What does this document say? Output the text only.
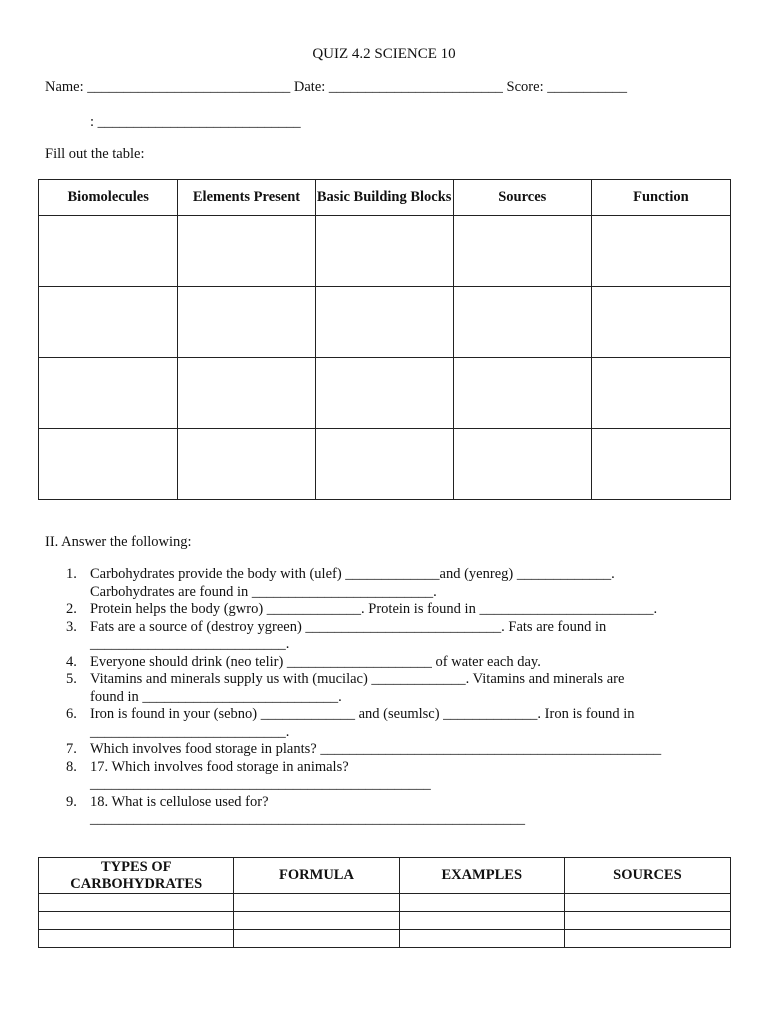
QUIZ 4.2 SCIENCE 10
Name: ____________________________ Date: ________________________ Score: ___________
: ____________________________
Fill out the table:
Biomolecules	Elements Present	Basic Building Blocks	Sources	Function

II. Answer the following:
1. Carbohydrates provide the body with (ulef) _____________and (yenreg) _____________.
Carbohydrates are found in _________________________.
2. Protein helps the body (gwro) _____________. Protein is found in ________________________.
3. Fats are a source of (destroy ygreen) ___________________________. Fats are found in
___________________________.
4. Everyone should drink (neo telir) ____________________ of water each day.
5. Vitamins and minerals supply us with (mucilac) _____________. Vitamins and minerals are
found in ___________________________.
6. Iron is found in your (sebno) _____________ and (seumlsc) _____________. Iron is found in
___________________________.
7. Which involves food storage in plants? _______________________________________________
8. 17. Which involves food storage in animals?
_______________________________________________
9. 18. What is cellulose used for?
____________________________________________________________
TYPES OF CARBOHYDRATES	FORMULA	EXAMPLES	SOURCES
